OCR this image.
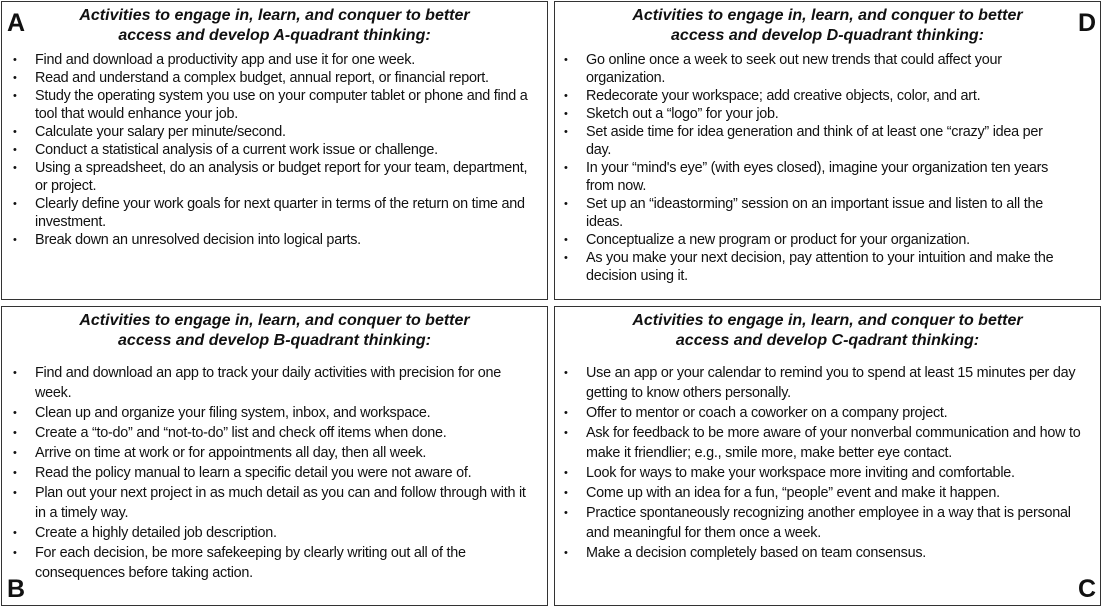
A	Activities to engage in, learn, and conquer to better
access and develop A-quadrant thinking:
• Find and download a productivity app and use it for one week.
• Read and understand a complex budget, annual report, or financial report.
• Study the operating system you use on your computer tablet or phone and find a tool that would enhance your job.
• Calculate your salary per minute/second.
• Conduct a statistical analysis of a current work issue or challenge.
• Using a spreadsheet, do an analysis or budget report for your team, department, or project.
• Clearly define your work goals for next quarter in terms of the return on time and investment.
• Break down an unresolved decision into logical parts.
D
Activities to engage in, learn, and conquer to better
access and develop D-quadrant thinking:
• Go online once a week to seek out new trends that could affect your organization.
• Redecorate your workspace; add creative objects, color, and art.
• Sketch out a “logo” for your job.
• Set aside time for idea generation and think of at least one “crazy” idea per day.
• In your “mind's eye” (with eyes closed), imagine your organization ten years from now.
• Set up an “ideastorming” session on an important issue and listen to all the ideas.
• Conceptualize a new program or product for your organization.
• As you make your next decision, pay attention to your intuition and make the decision using it.
B
Activities to engage in, learn, and conquer to better
access and develop B-quadrant thinking:
• Find and download an app to track your daily activities with precision for one week.
• Clean up and organize your filing system, inbox, and workspace.
• Create a “to-do” and “not-to-do” list and check off items when done.
• Arrive on time at work or for appointments all day, then all week.
• Read the policy manual to learn a specific detail you were not aware of.
• Plan out your next project in as much detail as you can and follow through with it in a timely way.
• Create a highly detailed job description.
• For each decision, be more safekeeping by clearly writing out all of the consequences before taking action.
C
Activities to engage in, learn, and conquer to better
access and develop C-qadrant thinking:
• Use an app or your calendar to remind you to spend at least 15 minutes per day getting to know others personally.
• Offer to mentor or coach a coworker on a company project.
• Ask for feedback to be more aware of your nonverbal communication and how to make it friendlier; e.g., smile more, make better eye contact.
• Look for ways to make your workspace more inviting and comfortable.
• Come up with an idea for a fun, “people” event and make it happen.
• Practice spontaneously recognizing another employee in a way that is personal and meaningful for them once a week.
• Make a decision completely based on team consensus.
